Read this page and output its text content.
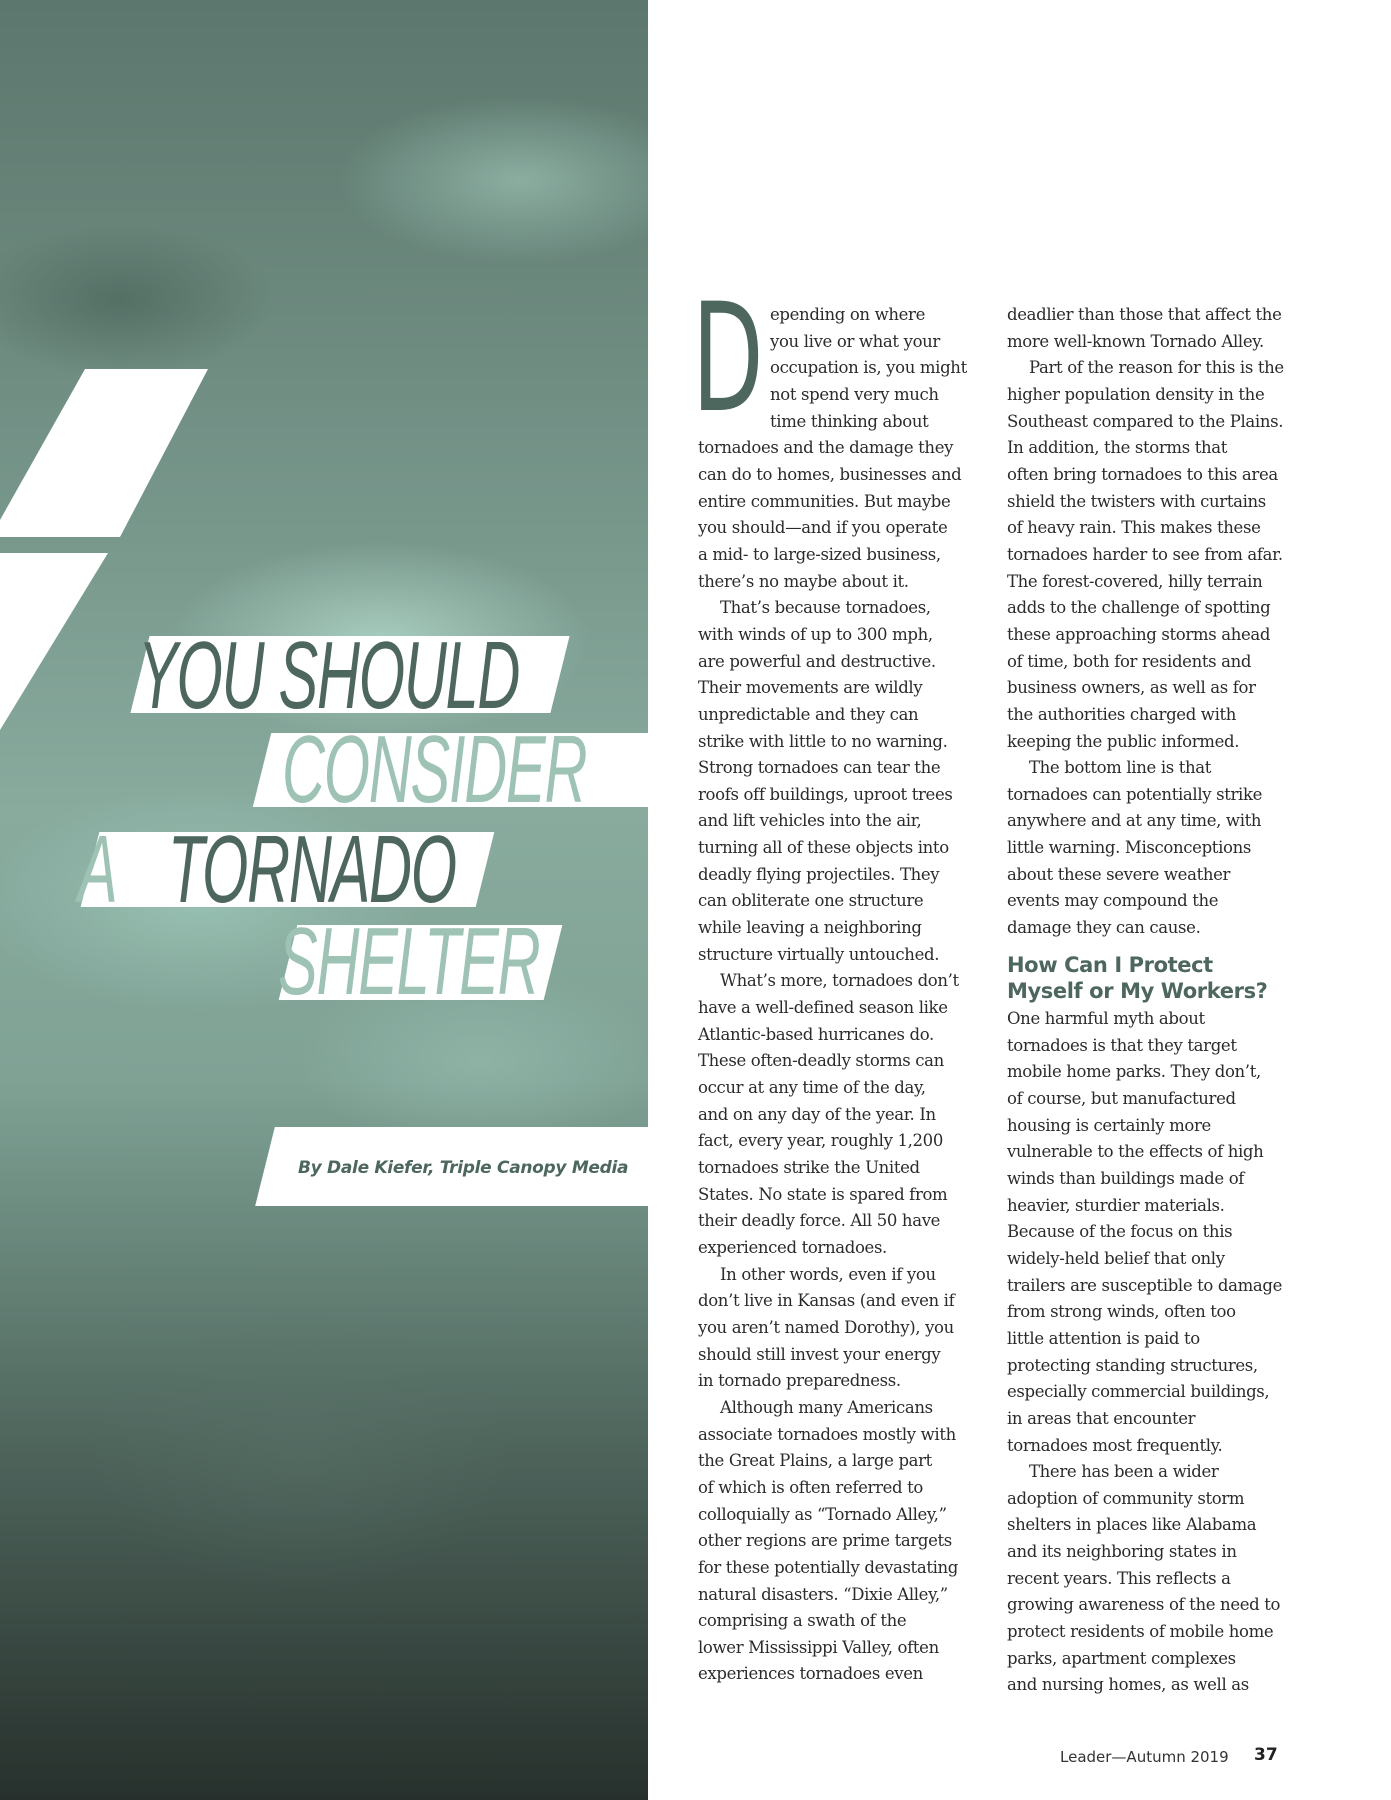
YOU SHOULD
CONSIDER
A TORNADO
SHELTER
By Dale Kiefer, Triple Canopy Media
D epending on where
you live or what your
occupation is, you might
not spend very much
time thinking about
tornadoes and the damage they
can do to homes, businesses and
entire communities. But maybe
you should—and if you operate
a mid- to large-sized business,
there’s no maybe about it.
That’s because tornadoes,
with winds of up to 300 mph,
are powerful and destructive.
Their movements are wildly
unpredictable and they can
strike with little to no warning.
Strong tornadoes can tear the
roofs off buildings, uproot trees
and lift vehicles into the air,
turning all of these objects into
deadly flying projectiles. They
can obliterate one structure
while leaving a neighboring
structure virtually untouched.
What’s more, tornadoes don’t
have a well-defined season like
Atlantic-based hurricanes do.
These often-deadly storms can
occur at any time of the day,
and on any day of the year. In
fact, every year, roughly 1,200
tornadoes strike the United
States. No state is spared from
their deadly force. All 50 have
experienced tornadoes.
In other words, even if you
don’t live in Kansas (and even if
you aren’t named Dorothy), you
should still invest your energy
in tornado preparedness.
Although many Americans
associate tornadoes mostly with
the Great Plains, a large part
of which is often referred to
colloquially as “Tornado Alley,”
other regions are prime targets
for these potentially devastating
natural disasters. “Dixie Alley,”
comprising a swath of the
lower Mississippi Valley, often
experiences tornadoes even
deadlier than those that affect the
more well-known Tornado Alley.
Part of the reason for this is the
higher population density in the
Southeast compared to the Plains.
In addition, the storms that
often bring tornadoes to this area
shield the twisters with curtains
of heavy rain. This makes these
tornadoes harder to see from afar.
The forest-covered, hilly terrain
adds to the challenge of spotting
these approaching storms ahead
of time, both for residents and
business owners, as well as for
the authorities charged with
keeping the public informed.
The bottom line is that
tornadoes can potentially strike
anywhere and at any time, with
little warning. Misconceptions
about these severe weather
events may compound the
damage they can cause.
How Can I Protect
Myself or My Workers?
One harmful myth about
tornadoes is that they target
mobile home parks. They don’t,
of course, but manufactured
housing is certainly more
vulnerable to the effects of high
winds than buildings made of
heavier, sturdier materials.
Because of the focus on this
widely-held belief that only
trailers are susceptible to damage
from strong winds, often too
little attention is paid to
protecting standing structures,
especially commercial buildings,
in areas that encounter
tornadoes most frequently.
There has been a wider
adoption of community storm
shelters in places like Alabama
and its neighboring states in
recent years. This reflects a
growing awareness of the need to
protect residents of mobile home
parks, apartment complexes
and nursing homes, as well as
Leader—Autumn 2019 37
